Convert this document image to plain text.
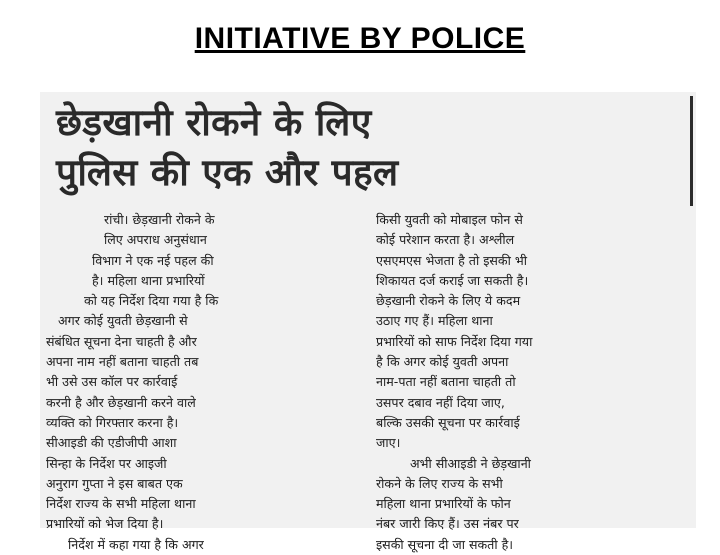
INITIATIVE BY POLICE
छेड़खानी रोकने के लिए
पुलिस की एक और पहल
रांची। छेड़खानी रोकने के
लिए अपराध अनुसंधान
विभाग ने एक नई पहल की
है। महिला थाना प्रभारियों
को यह निर्देश दिया गया है कि
अगर कोई युवती छेड़खानी से
संबंधित सूचना देना चाहती है और
अपना नाम नहीं बताना चाहती तब
भी उसे उस कॉल पर कार्रवाई
करनी है और छेड़खानी करने वाले
व्यक्ति को गिरफ्तार करना है।
सीआइडी की एडीजीपी आशा
सिन्हा के निर्देश पर आइजी
अनुराग गुप्ता ने इस बाबत एक
निर्देश राज्य के सभी महिला थाना
प्रभारियों को भेज दिया है।
निर्देश में कहा गया है कि अगर
किसी युवती को मोबाइल फोन से
कोई परेशान करता है। अश्लील
एसएमएस भेजता है तो इसकी भी
शिकायत दर्ज कराई जा सकती है।
छेड़खानी रोकने के लिए ये कदम
उठाए गए हैं। महिला थाना
प्रभारियों को साफ निर्देश दिया गया
है कि अगर कोई युवती अपना
नाम-पता नहीं बताना चाहती तो
उसपर दबाव नहीं दिया जाए,
बल्कि उसकी सूचना पर कार्रवाई
जाए।
अभी सीआइडी ने छेड़खानी
रोकने के लिए राज्य के सभी
महिला थाना प्रभारियों के फोन
नंबर जारी किए हैं। उस नंबर पर
इसकी सूचना दी जा सकती है।
